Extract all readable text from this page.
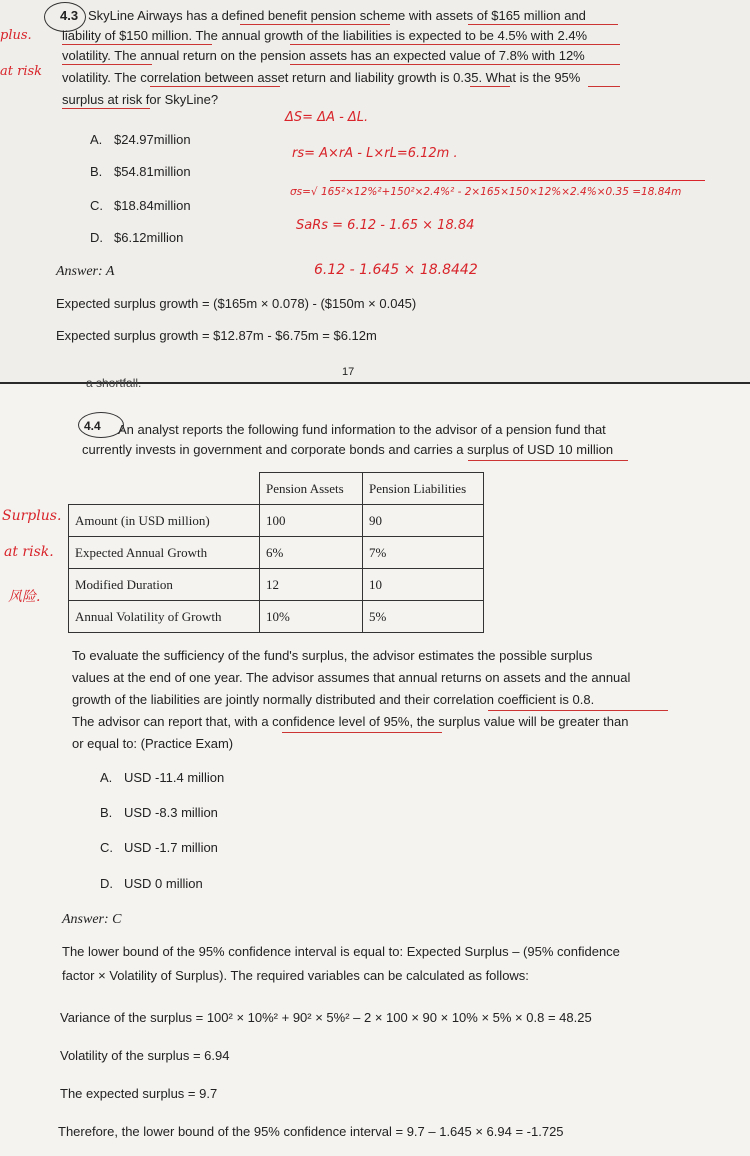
4.3 SkyLine Airways has a defined benefit pension scheme with assets of $165 million and
liability of $150 million. The annual growth of the liabilities is expected to be 4.5% with 2.4%
volatility. The annual return on the pension assets has an expected value of 7.8% with 12%
volatility. The correlation between asset return and liability growth is 0.35. What is the 95%
surplus at risk for SkyLine?
plus.
at risk
A. $24.97million
B. $54.81million
C. $18.84million
D. $6.12million
ΔS= ΔA - ΔL.
rs= A×rA - L×rL=6.12m .
σs=√ 165²×12%²+150²×2.4%² - 2×165×150×12%×2.4%×0.35 =18.84m
SaRs = 6.12 - 1.65 × 18.84
6.12 - 1.645 × 18.8442
Answer: A
Expected surplus growth = ($165m × 0.078) - ($150m × 0.045)
Expected surplus growth = $12.87m - $6.75m = $6.12m
17
a shortfall.
4.4 An analyst reports the following fund information to the advisor of a pension fund that
currently invests in government and corporate bonds and carries a surplus of USD 10 million
Surplus.
at risk.
风险.
	Pension Assets	Pension Liabilities
Amount (in USD million)	100	90
Expected Annual Growth	6%	7%
Modified Duration	12	10
Annual Volatility of Growth	10%	5%
To evaluate the sufficiency of the fund's surplus, the advisor estimates the possible surplus
values at the end of one year. The advisor assumes that annual returns on assets and the annual
growth of the liabilities are jointly normally distributed and their correlation coefficient is 0.8.
The advisor can report that, with a confidence level of 95%, the surplus value will be greater than
or equal to: (Practice Exam)
A. USD -11.4 million
B. USD -8.3 million
C. USD -1.7 million
D. USD 0 million
Answer: C
The lower bound of the 95% confidence interval is equal to: Expected Surplus – (95% confidence
factor × Volatility of Surplus). The required variables can be calculated as follows:
Variance of the surplus = 100² × 10%² + 90² × 5%² – 2 × 100 × 90 × 10% × 5% × 0.8 = 48.25
Volatility of the surplus = 6.94
The expected surplus = 9.7
Therefore, the lower bound of the 95% confidence interval = 9.7 – 1.645 × 6.94 = -1.725
